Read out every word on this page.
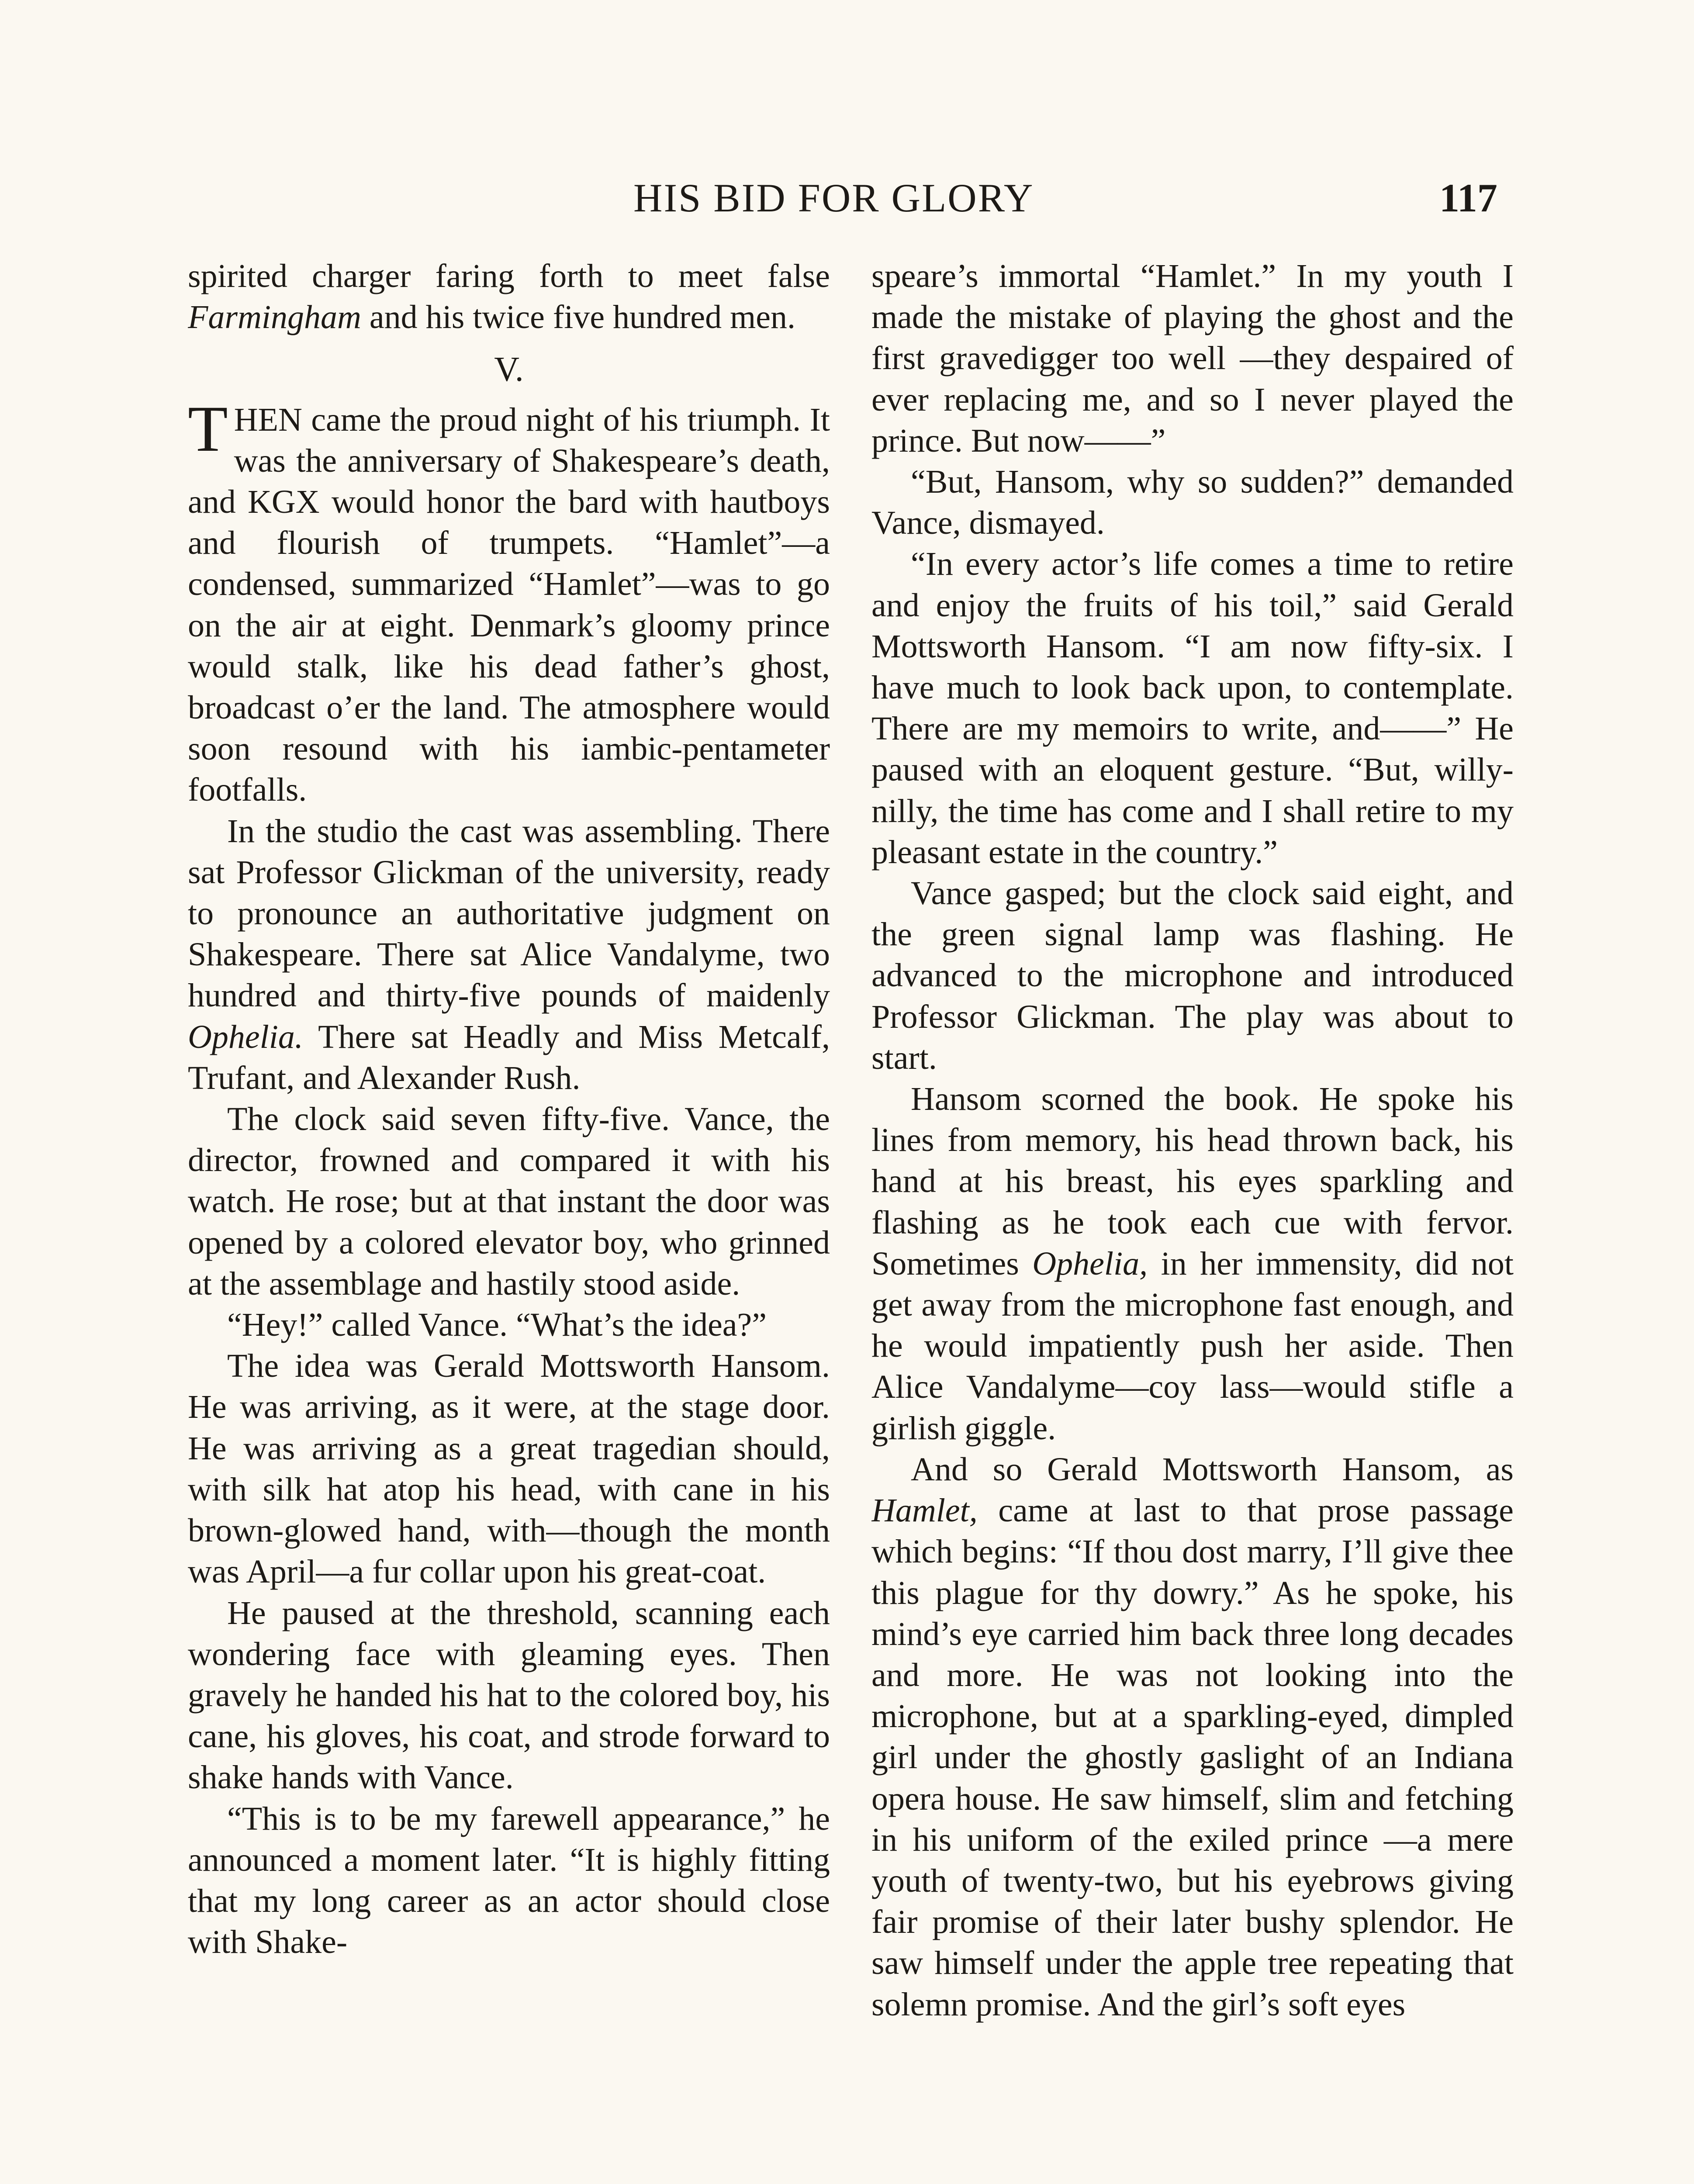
HIS BID FOR GLORY	117

spirited charger faring forth to meet false Farmingham and his twice five hundred men.

V.

THEN came the proud night of his triumph. It was the anniversary of Shakespeare’s death, and KGX would honor the bard with hautboys and flourish of trumpets. “Hamlet”—a condensed, summarized “Hamlet”—was to go on the air at eight. Denmark’s gloomy prince would stalk, like his dead father’s ghost, broadcast o’er the land. The atmosphere would soon resound with his iambic-pentameter footfalls.

In the studio the cast was assembling. There sat Professor Glickman of the university, ready to pronounce an authoritative judgment on Shakespeare. There sat Alice Vandalyme, two hundred and thirty-five pounds of maidenly Ophelia. There sat Headly and Miss Metcalf, Trufant, and Alexander Rush.

The clock said seven fifty-five. Vance, the director, frowned and compared it with his watch. He rose; but at that instant the door was opened by a colored elevator boy, who grinned at the assemblage and hastily stood aside.

“Hey!” called Vance. “What’s the idea?”

The idea was Gerald Mottsworth Hansom. He was arriving, as it were, at the stage door. He was arriving as a great tragedian should, with silk hat atop his head, with cane in his brown-glowed hand, with—though the month was April—a fur collar upon his great-coat.

He paused at the threshold, scanning each wondering face with gleaming eyes. Then gravely he handed his hat to the colored boy, his cane, his gloves, his coat, and strode forward to shake hands with Vance.

“This is to be my farewell appearance,” he announced a moment later. “It is highly fitting that my long career as an actor should close with Shake-

speare’s immortal “Hamlet.” In my youth I made the mistake of playing the ghost and the first gravedigger too well —they despaired of ever replacing me, and so I never played the prince. But now——”

“But, Hansom, why so sudden?” demanded Vance, dismayed.

“In every actor’s life comes a time to retire and enjoy the fruits of his toil,” said Gerald Mottsworth Hansom. “I am now fifty-six. I have much to look back upon, to contemplate. There are my memoirs to write, and——” He paused with an eloquent gesture. “But, willy-nilly, the time has come and I shall retire to my pleasant estate in the country.”

Vance gasped; but the clock said eight, and the green signal lamp was flashing. He advanced to the microphone and introduced Professor Glickman. The play was about to start.

Hansom scorned the book. He spoke his lines from memory, his head thrown back, his hand at his breast, his eyes sparkling and flashing as he took each cue with fervor. Sometimes Ophelia, in her immensity, did not get away from the microphone fast enough, and he would impatiently push her aside. Then Alice Vandalyme—coy lass—would stifle a girlish giggle.

And so Gerald Mottsworth Hansom, as Hamlet, came at last to that prose passage which begins: “If thou dost marry, I’ll give thee this plague for thy dowry.” As he spoke, his mind’s eye carried him back three long decades and more. He was not looking into the microphone, but at a sparkling-eyed, dimpled girl under the ghostly gaslight of an Indiana opera house. He saw himself, slim and fetching in his uniform of the exiled prince —a mere youth of twenty-two, but his eyebrows giving fair promise of their later bushy splendor. He saw himself under the apple tree repeating that solemn promise. And the girl’s soft eyes
